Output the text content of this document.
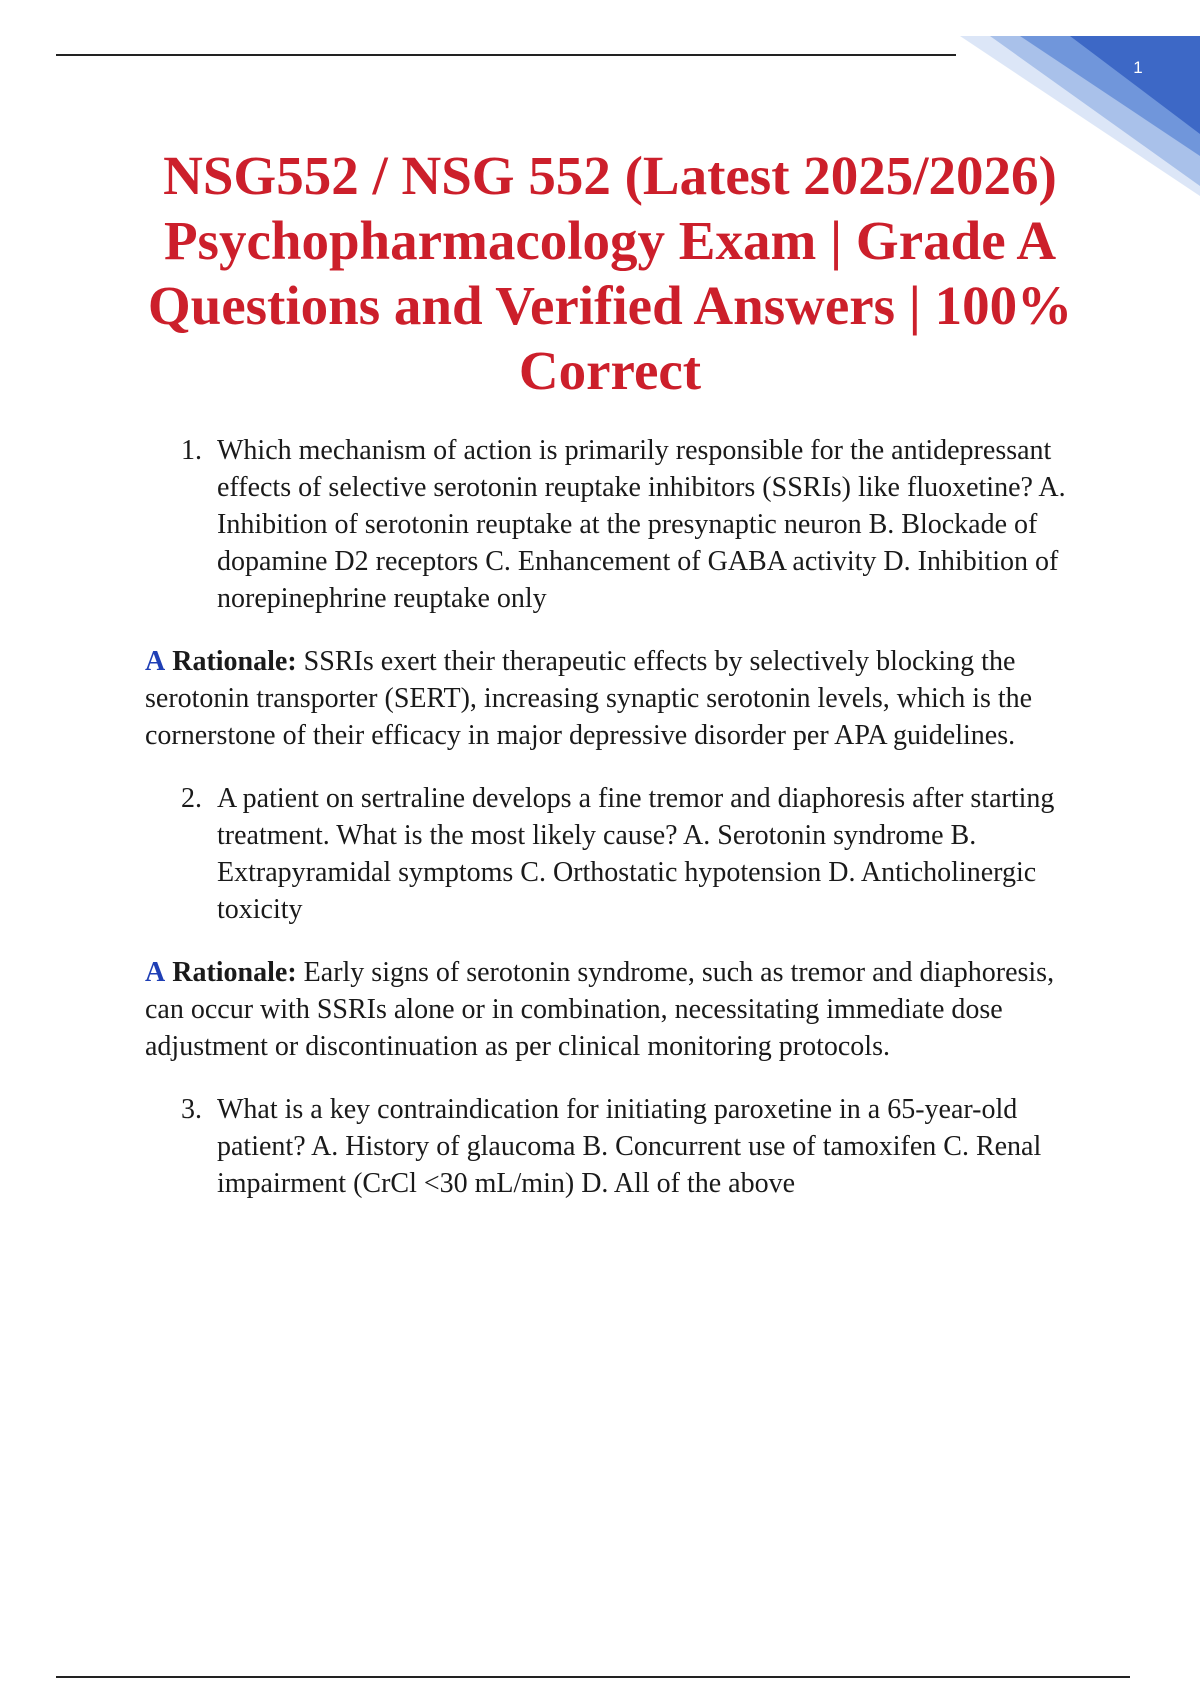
1
NSG552 / NSG 552 (Latest 2025/2026) Psychopharmacology Exam | Grade A Questions and Verified Answers | 100% Correct

1. Which mechanism of action is primarily responsible for the antidepressant effects of selective serotonin reuptake inhibitors (SSRIs) like fluoxetine? A. Inhibition of serotonin reuptake at the presynaptic neuron B. Blockade of dopamine D2 receptors C. Enhancement of GABA activity D. Inhibition of norepinephrine reuptake only

A Rationale: SSRIs exert their therapeutic effects by selectively blocking the serotonin transporter (SERT), increasing synaptic serotonin levels, which is the cornerstone of their efficacy in major depressive disorder per APA guidelines.

2. A patient on sertraline develops a fine tremor and diaphoresis after starting treatment. What is the most likely cause? A. Serotonin syndrome B. Extrapyramidal symptoms C. Orthostatic hypotension D. Anticholinergic toxicity

A Rationale: Early signs of serotonin syndrome, such as tremor and diaphoresis, can occur with SSRIs alone or in combination, necessitating immediate dose adjustment or discontinuation as per clinical monitoring protocols.

3. What is a key contraindication for initiating paroxetine in a 65-year-old patient? A. History of glaucoma B. Concurrent use of tamoxifen C. Renal impairment (CrCl <30 mL/min) D. All of the above
